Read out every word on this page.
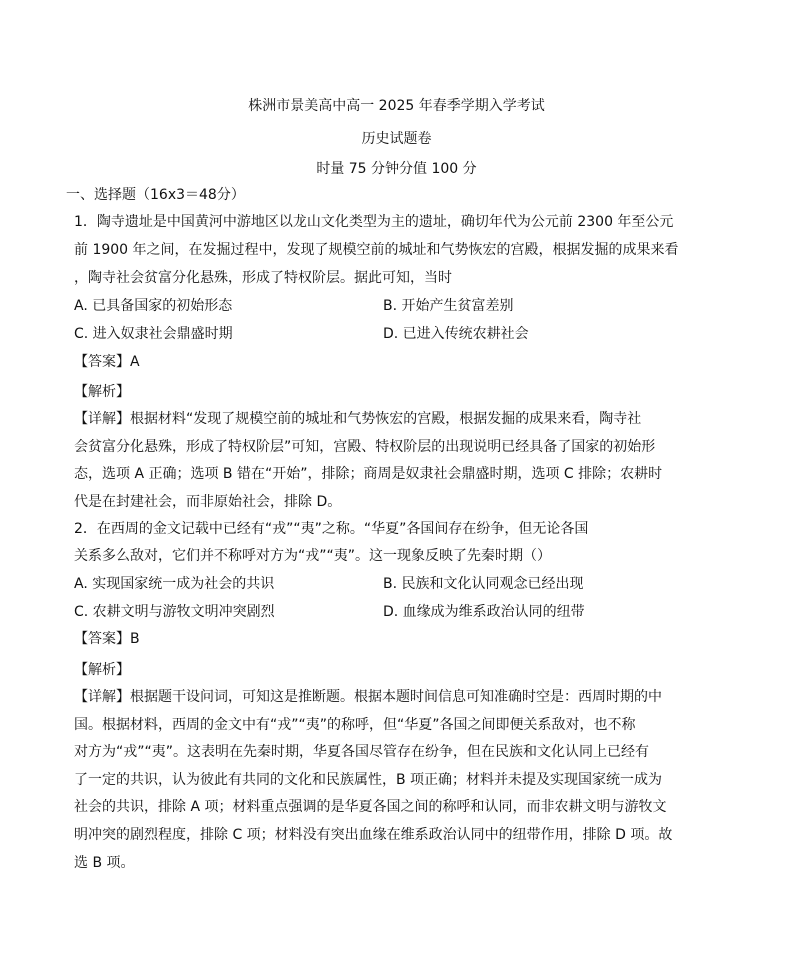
株洲市景美高中高一 2025 年春季学期入学考试
历史试题卷
时量 75 分钟分值 100 分
一、选择题（16x3＝48分）
1．陶寺遗址是中国黄河中游地区以龙山文化类型为主的遗址，确切年代为公元前 2300 年至公元
前 1900 年之间，在发掘过程中，发现了规模空前的城址和气势恢宏的宫殿，根据发掘的成果来看
，陶寺社会贫富分化悬殊，形成了特权阶层。据此可知，当时
A. 已具备国家的初始形态	B. 开始产生贫富差别
C. 进入奴隶社会鼎盛时期	D. 已进入传统农耕社会
【答案】A
【解析】
【详解】根据材料“发现了规模空前的城址和气势恢宏的宫殿，根据发掘的成果来看，陶寺社
会贫富分化悬殊，形成了特权阶层”可知，宫殿、特权阶层的出现说明已经具备了国家的初始形
态，选项 A 正确；选项 B 错在“开始”，排除；商周是奴隶社会鼎盛时期，选项 C 排除；农耕时
代是在封建社会，而非原始社会，排除 D。
2．在西周的金文记载中已经有“戎”“夷”之称。“华夏”各国间存在纷争，但无论各国
关系多么敌对，它们并不称呼对方为“戎”“夷”。这一现象反映了先秦时期（）
A. 实现国家统一成为社会的共识	B. 民族和文化认同观念已经出现
C. 农耕文明与游牧文明冲突剧烈	D. 血缘成为维系政治认同的纽带
【答案】B
【解析】
【详解】根据题干设问词，可知这是推断题。根据本题时间信息可知准确时空是：西周时期的中
国。根据材料，西周的金文中有“戎”“夷”的称呼，但“华夏”各国之间即便关系敌对，也不称
对方为“戎”“夷”。这表明在先秦时期，华夏各国尽管存在纷争，但在民族和文化认同上已经有
了一定的共识，认为彼此有共同的文化和民族属性，B 项正确；材料并未提及实现国家统一成为
社会的共识，排除 A 项；材料重点强调的是华夏各国之间的称呼和认同，而非农耕文明与游牧文
明冲突的剧烈程度，排除 C 项；材料没有突出血缘在维系政治认同中的纽带作用，排除 D 项。故
选 B 项。
